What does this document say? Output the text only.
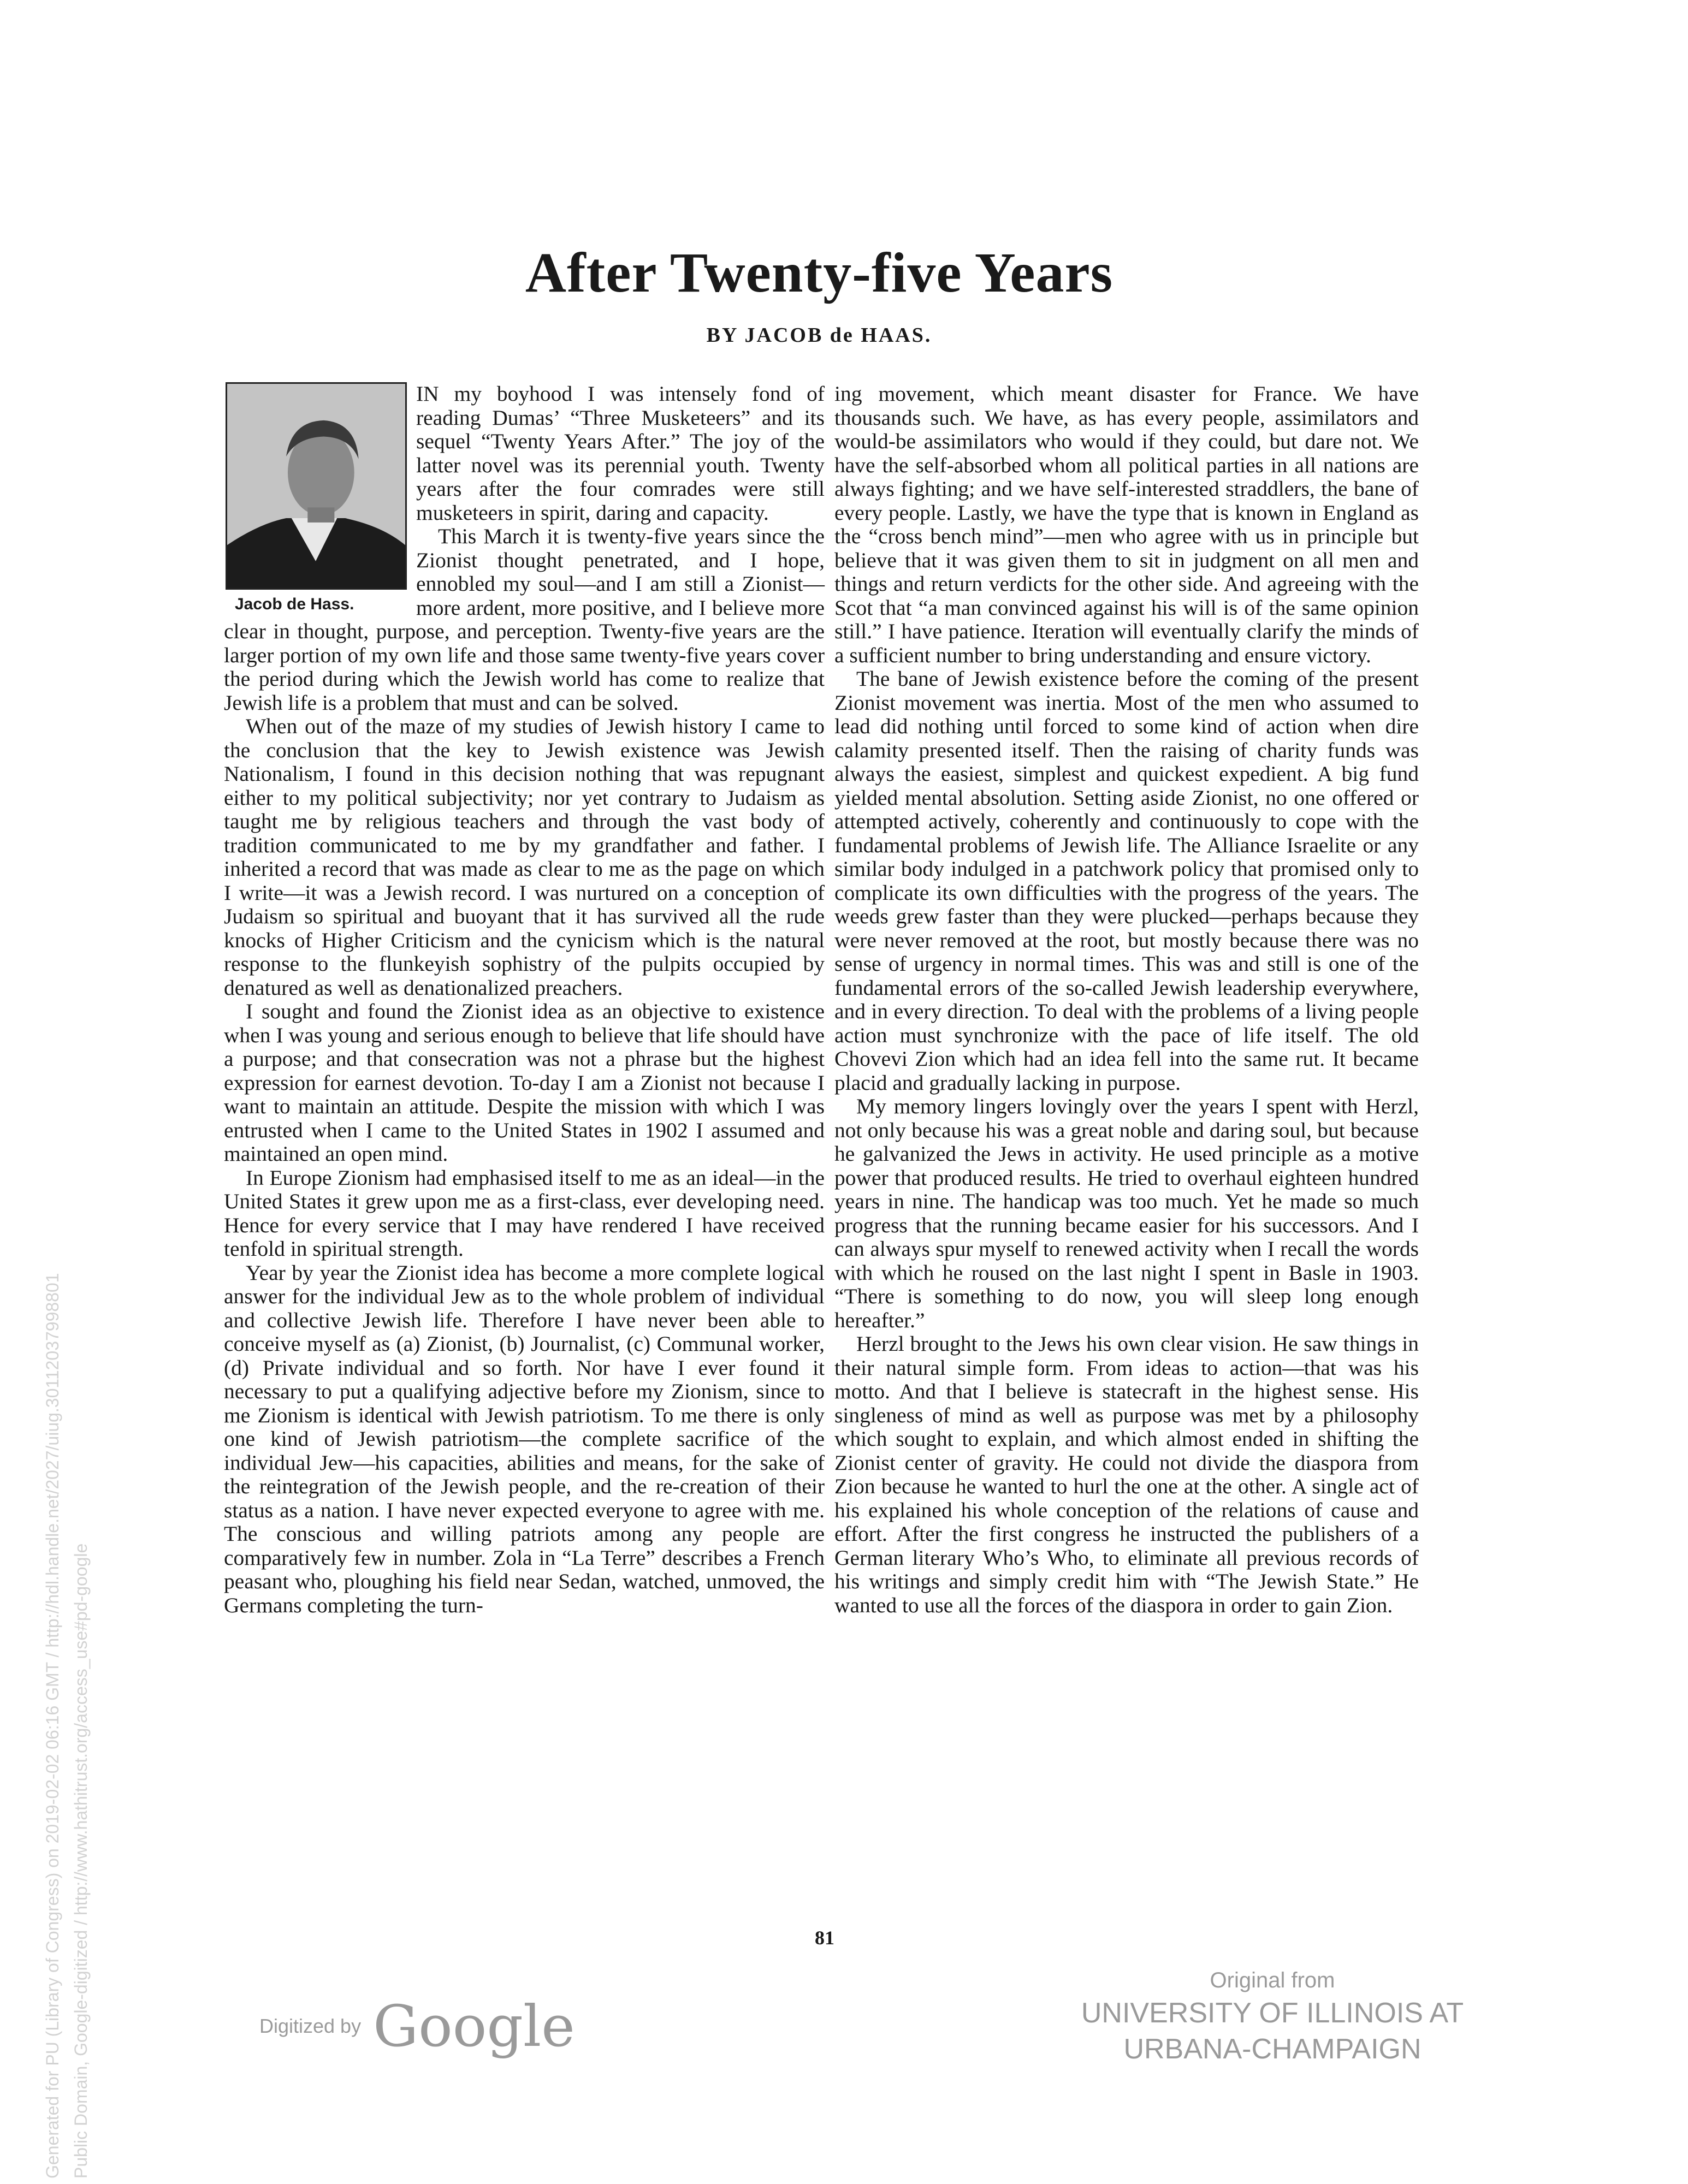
Generated for PU (Library of Congress) on 2019-02-02 06:16 GMT / http://hdl.handle.net/2027/uiug.30112037998801 Public Domain, Google-digitized / http://www.hathitrust.org/access_use#pd-google
After Twenty-five Years
BY JACOB de HAAS.
Jacob de Hass.

IN my boyhood I was intensely fond of reading Dumas’ “Three Musketeers” and its sequel “Twenty Years After.” The joy of the latter novel was its perennial youth. Twenty years after the four comrades were still musketeers in spirit, daring and capacity.

This March it is twenty-five years since the Zionist thought penetrated, and I hope, ennobled my soul—and I am still a Zionist—more ardent, more positive, and I believe more clear in thought, purpose, and perception. Twenty-five years are the larger portion of my own life and those same twenty-five years cover the period during which the Jewish world has come to realize that Jewish life is a problem that must and can be solved.

When out of the maze of my studies of Jewish history I came to the conclusion that the key to Jewish existence was Jewish Nationalism, I found in this decision nothing that was repugnant either to my political subjectivity; nor yet contrary to Judaism as taught me by religious teachers and through the vast body of tradition communicated to me by my grandfather and father. I inherited a record that was made as clear to me as the page on which I write—it was a Jewish record. I was nurtured on a conception of Judaism so spiritual and buoyant that it has survived all the rude knocks of Higher Criticism and the cynicism which is the natural response to the flunkeyish sophistry of the pulpits occupied by denatured as well as denationalized preachers.

I sought and found the Zionist idea as an objective to existence when I was young and serious enough to believe that life should have a purpose; and that consecration was not a phrase but the highest expression for earnest devotion. To-day I am a Zionist not because I want to maintain an attitude. Despite the mission with which I was entrusted when I came to the United States in 1902 I assumed and maintained an open mind.

In Europe Zionism had emphasised itself to me as an ideal—in the United States it grew upon me as a first-class, ever developing need. Hence for every service that I may have rendered I have received tenfold in spiritual strength.

Year by year the Zionist idea has become a more complete logical answer for the individual Jew as to the whole problem of individual and collective Jewish life. Therefore I have never been able to conceive myself as (a) Zionist, (b) Journalist, (c) Communal worker, (d) Private individual and so forth. Nor have I ever found it necessary to put a qualifying adjective before my Zionism, since to me Zionism is identical with Jewish patriotism. To me there is only one kind of Jewish patriotism—the complete sacrifice of the individual Jew—his capacities, abilities and means, for the sake of the reintegration of the Jewish people, and the re-creation of their status as a nation. I have never expected everyone to agree with me. The conscious and willing patriots among any people are comparatively few in number. Zola in “La Terre” describes a French peasant who, ploughing his field near Sedan, watched, unmoved, the Germans completing the turn-

ing movement, which meant disaster for France. We have thousands such. We have, as has every people, assimilators and would-be assimilators who would if they could, but dare not. We have the self-absorbed whom all political parties in all nations are always fighting; and we have self-interested straddlers, the bane of every people. Lastly, we have the type that is known in England as the “cross bench mind”—men who agree with us in principle but believe that it was given them to sit in judgment on all men and things and return verdicts for the other side. And agreeing with the Scot that “a man convinced against his will is of the same opinion still.” I have patience. Iteration will eventually clarify the minds of a sufficient number to bring understanding and ensure victory.

The bane of Jewish existence before the coming of the present Zionist movement was inertia. Most of the men who assumed to lead did nothing until forced to some kind of action when dire calamity presented itself. Then the raising of charity funds was always the easiest, simplest and quickest expedient. A big fund yielded mental absolution. Setting aside Zionist, no one offered or attempted actively, coherently and continuously to cope with the fundamental problems of Jewish life. The Alliance Israelite or any similar body indulged in a patchwork policy that promised only to complicate its own difficulties with the progress of the years. The weeds grew faster than they were plucked—perhaps because they were never removed at the root, but mostly because there was no sense of urgency in normal times. This was and still is one of the fundamental errors of the so-called Jewish leadership everywhere, and in every direction. To deal with the problems of a living people action must synchronize with the pace of life itself. The old Chovevi Zion which had an idea fell into the same rut. It became placid and gradually lacking in purpose.

My memory lingers lovingly over the years I spent with Herzl, not only because his was a great noble and daring soul, but because he galvanized the Jews in activity. He used principle as a motive power that produced results. He tried to overhaul eighteen hundred years in nine. The handicap was too much. Yet he made so much progress that the running became easier for his successors. And I can always spur myself to renewed activity when I recall the words with which he roused on the last night I spent in Basle in 1903. “There is something to do now, you will sleep long enough hereafter.”

Herzl brought to the Jews his own clear vision. He saw things in their natural simple form. From ideas to action—that was his motto. And that I believe is statecraft in the highest sense. His singleness of mind as well as purpose was met by a philosophy which sought to explain, and which almost ended in shifting the Zionist center of gravity. He could not divide the diaspora from Zion because he wanted to hurl the one at the other. A single act of his explained his whole conception of the relations of cause and effort. After the first congress he instructed the publishers of a German literary Who’s Who, to eliminate all previous records of his writings and simply credit him with “The Jewish State.” He wanted to use all the forces of the diaspora in order to gain Zion.

81
Digitized by Google
Original from
UNIVERSITY OF ILLINOIS AT
URBANA-CHAMPAIGN
